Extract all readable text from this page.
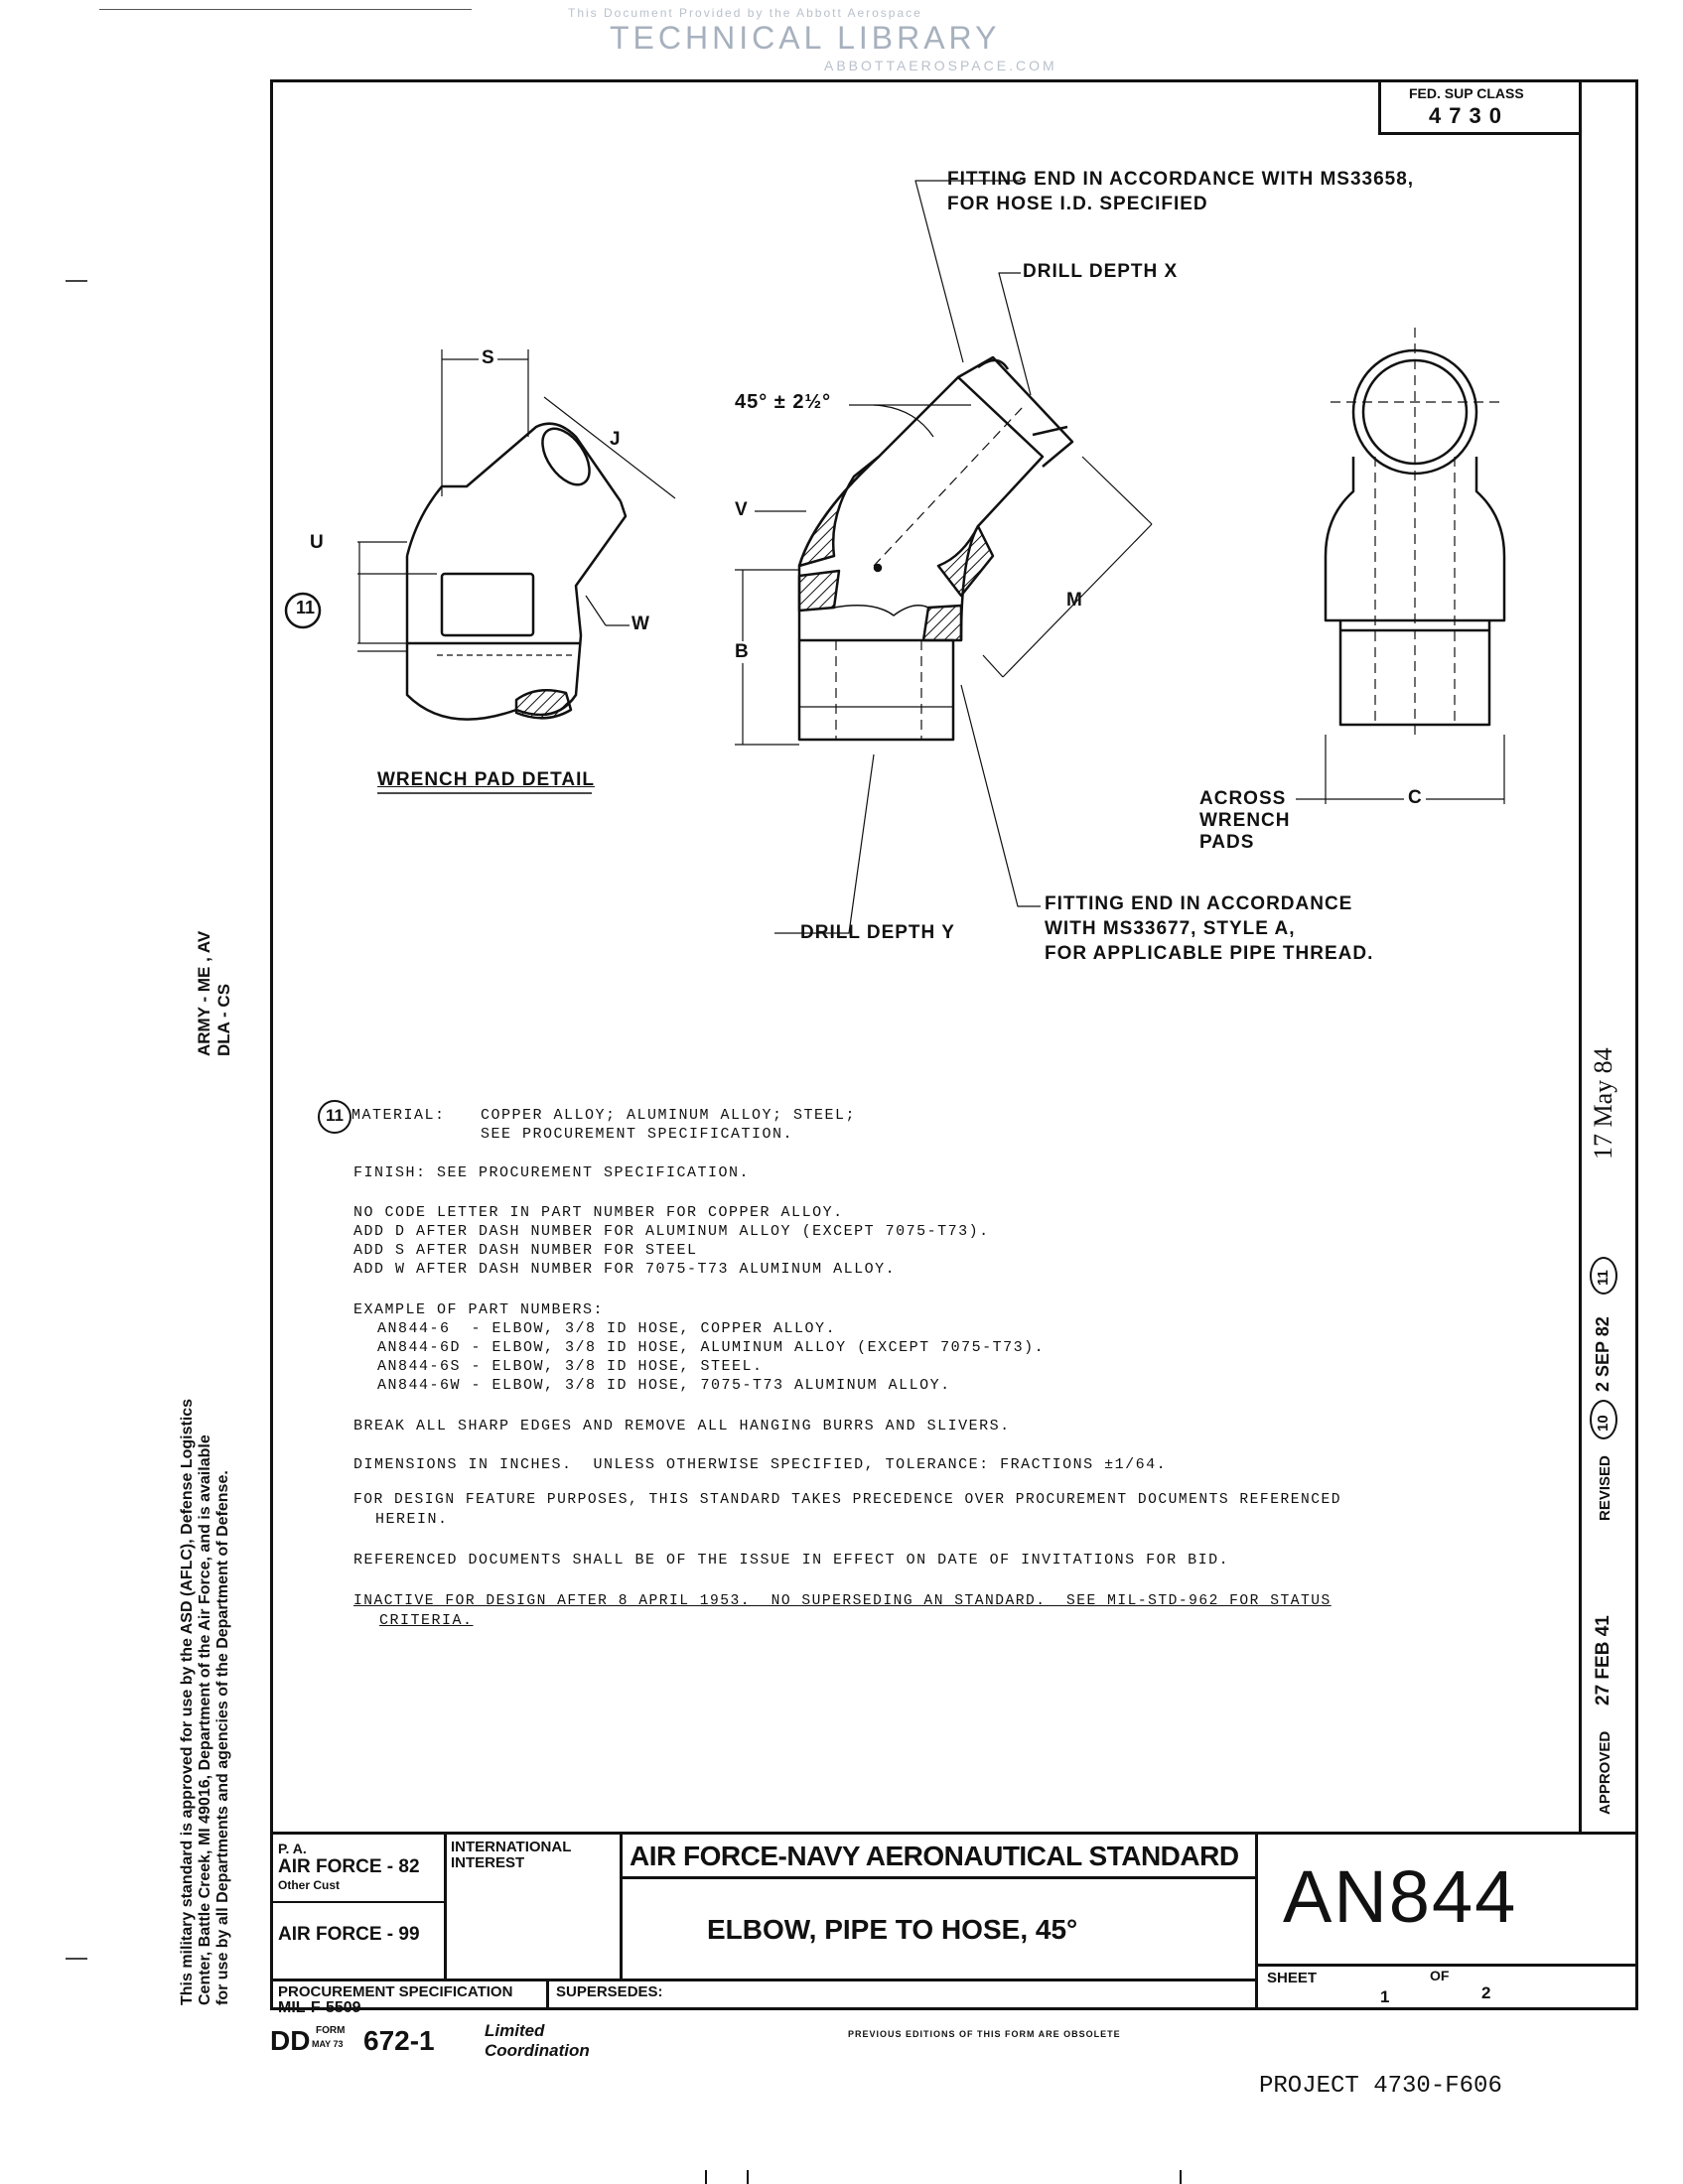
This Document Provided by the Abbott Aerospace
TECHNICAL LIBRARY
ABBOTTAEROSPACE.COM
FED. SUP CLASS
4730
APPROVED
27 FEB 41
REVISED
10
2 SEP 82
11
17 May 84
ARMY - ME , AV DLA - CS
This military standard is approved for use by the ASD (AFLC), Defense Logistics Center, Battle Creek, MI 49016, Department of the Air Force, and is available for use by all Departments and agencies of the Department of Defense.
FITTING END IN ACCORDANCE WITH MS33658,
FOR HOSE I.D. SPECIFIED
DRILL DEPTH X
45° ± 2½°
WRENCH PAD DETAIL
ACROSS
WRENCH
PADS
FITTING END IN ACCORDANCE
WITH MS33677, STYLE A,
FOR APPLICABLE PIPE THREAD.
DRILL DEPTH Y
S
J
U
W
V
B
M
C
11
11 MATERIAL: COPPER ALLOY; ALUMINUM ALLOY; STEEL;
SEE PROCUREMENT SPECIFICATION.
FINISH: SEE PROCUREMENT SPECIFICATION.
NO CODE LETTER IN PART NUMBER FOR COPPER ALLOY.
ADD D AFTER DASH NUMBER FOR ALUMINUM ALLOY (EXCEPT 7075-T73).
ADD S AFTER DASH NUMBER FOR STEEL
ADD W AFTER DASH NUMBER FOR 7075-T73 ALUMINUM ALLOY.
EXAMPLE OF PART NUMBERS:
AN844-6  - ELBOW, 3/8 ID HOSE, COPPER ALLOY.
AN844-6D - ELBOW, 3/8 ID HOSE, ALUMINUM ALLOY (EXCEPT 7075-T73).
AN844-6S - ELBOW, 3/8 ID HOSE, STEEL.
AN844-6W - ELBOW, 3/8 ID HOSE, 7075-T73 ALUMINUM ALLOY.
BREAK ALL SHARP EDGES AND REMOVE ALL HANGING BURRS AND SLIVERS.
DIMENSIONS IN INCHES.  UNLESS OTHERWISE SPECIFIED, TOLERANCE: FRACTIONS ±1/64.
FOR DESIGN FEATURE PURPOSES, THIS STANDARD TAKES PRECEDENCE OVER PROCUREMENT DOCUMENTS REFERENCED
HEREIN.
REFERENCED DOCUMENTS SHALL BE OF THE ISSUE IN EFFECT ON DATE OF INVITATIONS FOR BID.
INACTIVE FOR DESIGN AFTER 8 APRIL 1953.  NO SUPERSEDING AN STANDARD.  SEE MIL-STD-962 FOR STATUS
CRITERIA.
P. A.
AIR FORCE - 82
Other Cust
AIR FORCE - 99
INTERNATIONAL
INTEREST	AIR FORCE-NAVY AERONAUTICAL STANDARD
ELBOW, PIPE TO HOSE, 45°	AN844
SHEET
1
OF
2
PROCUREMENT SPECIFICATION
MIL-F-5509
SUPERSEDES:
DD FORM
MAY 73 672-1	Limited
Coordination
PREVIOUS EDITIONS OF THIS FORM ARE OBSOLETE
PROJECT 4730-F606
